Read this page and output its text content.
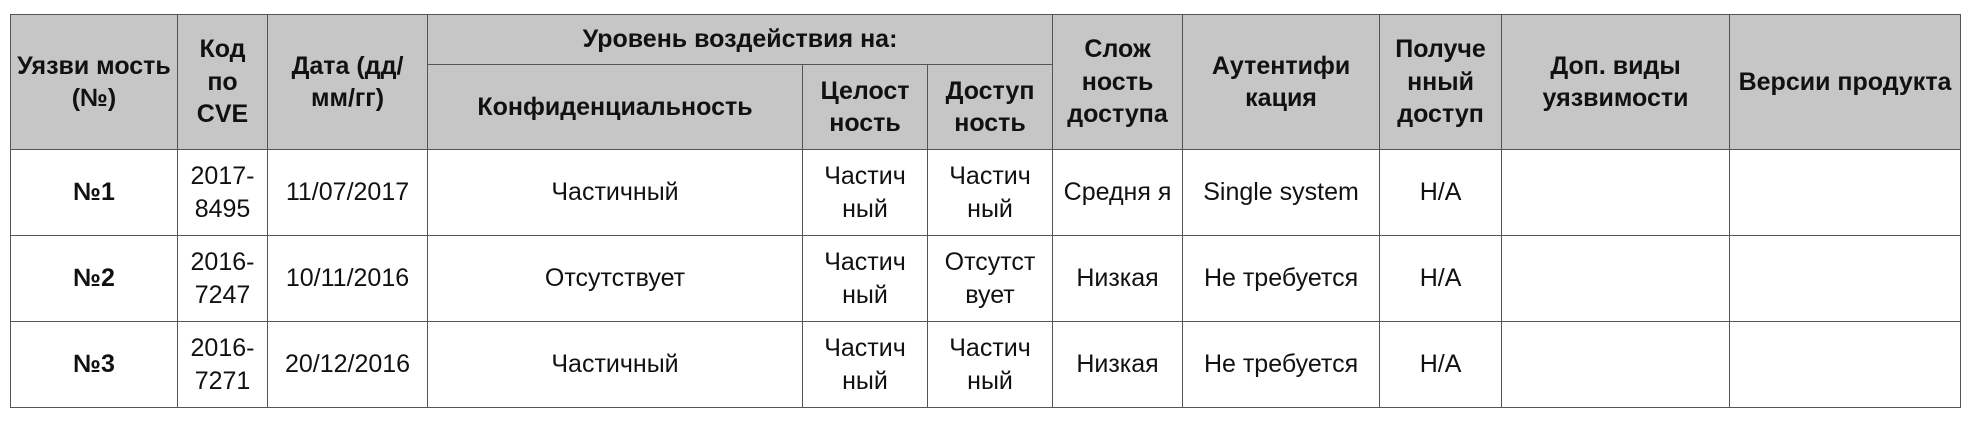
Уязви мость (№)	Код по CVE	Дата (дд/ мм/гг)	Уровень воздействия на:			Слож ность доступа	Аутентифи кация	Получе нный доступ	Доп. виды уязвимости	Версии продукта
			Конфиденциальность	Целост ность	Доступ ность					
№1	2017-8495	11/07/2017	Частичный	Частич ный	Частич ный	Средня я	Single system	Н/А		
№2	2016-7247	10/11/2016	Отсутствует	Частич ный	Отсутст вует	Низкая	Не требуется	Н/А		
№3	2016-7271	20/12/2016	Частичный	Частич ный	Частич ный	Низкая	Не требуется	Н/А		
